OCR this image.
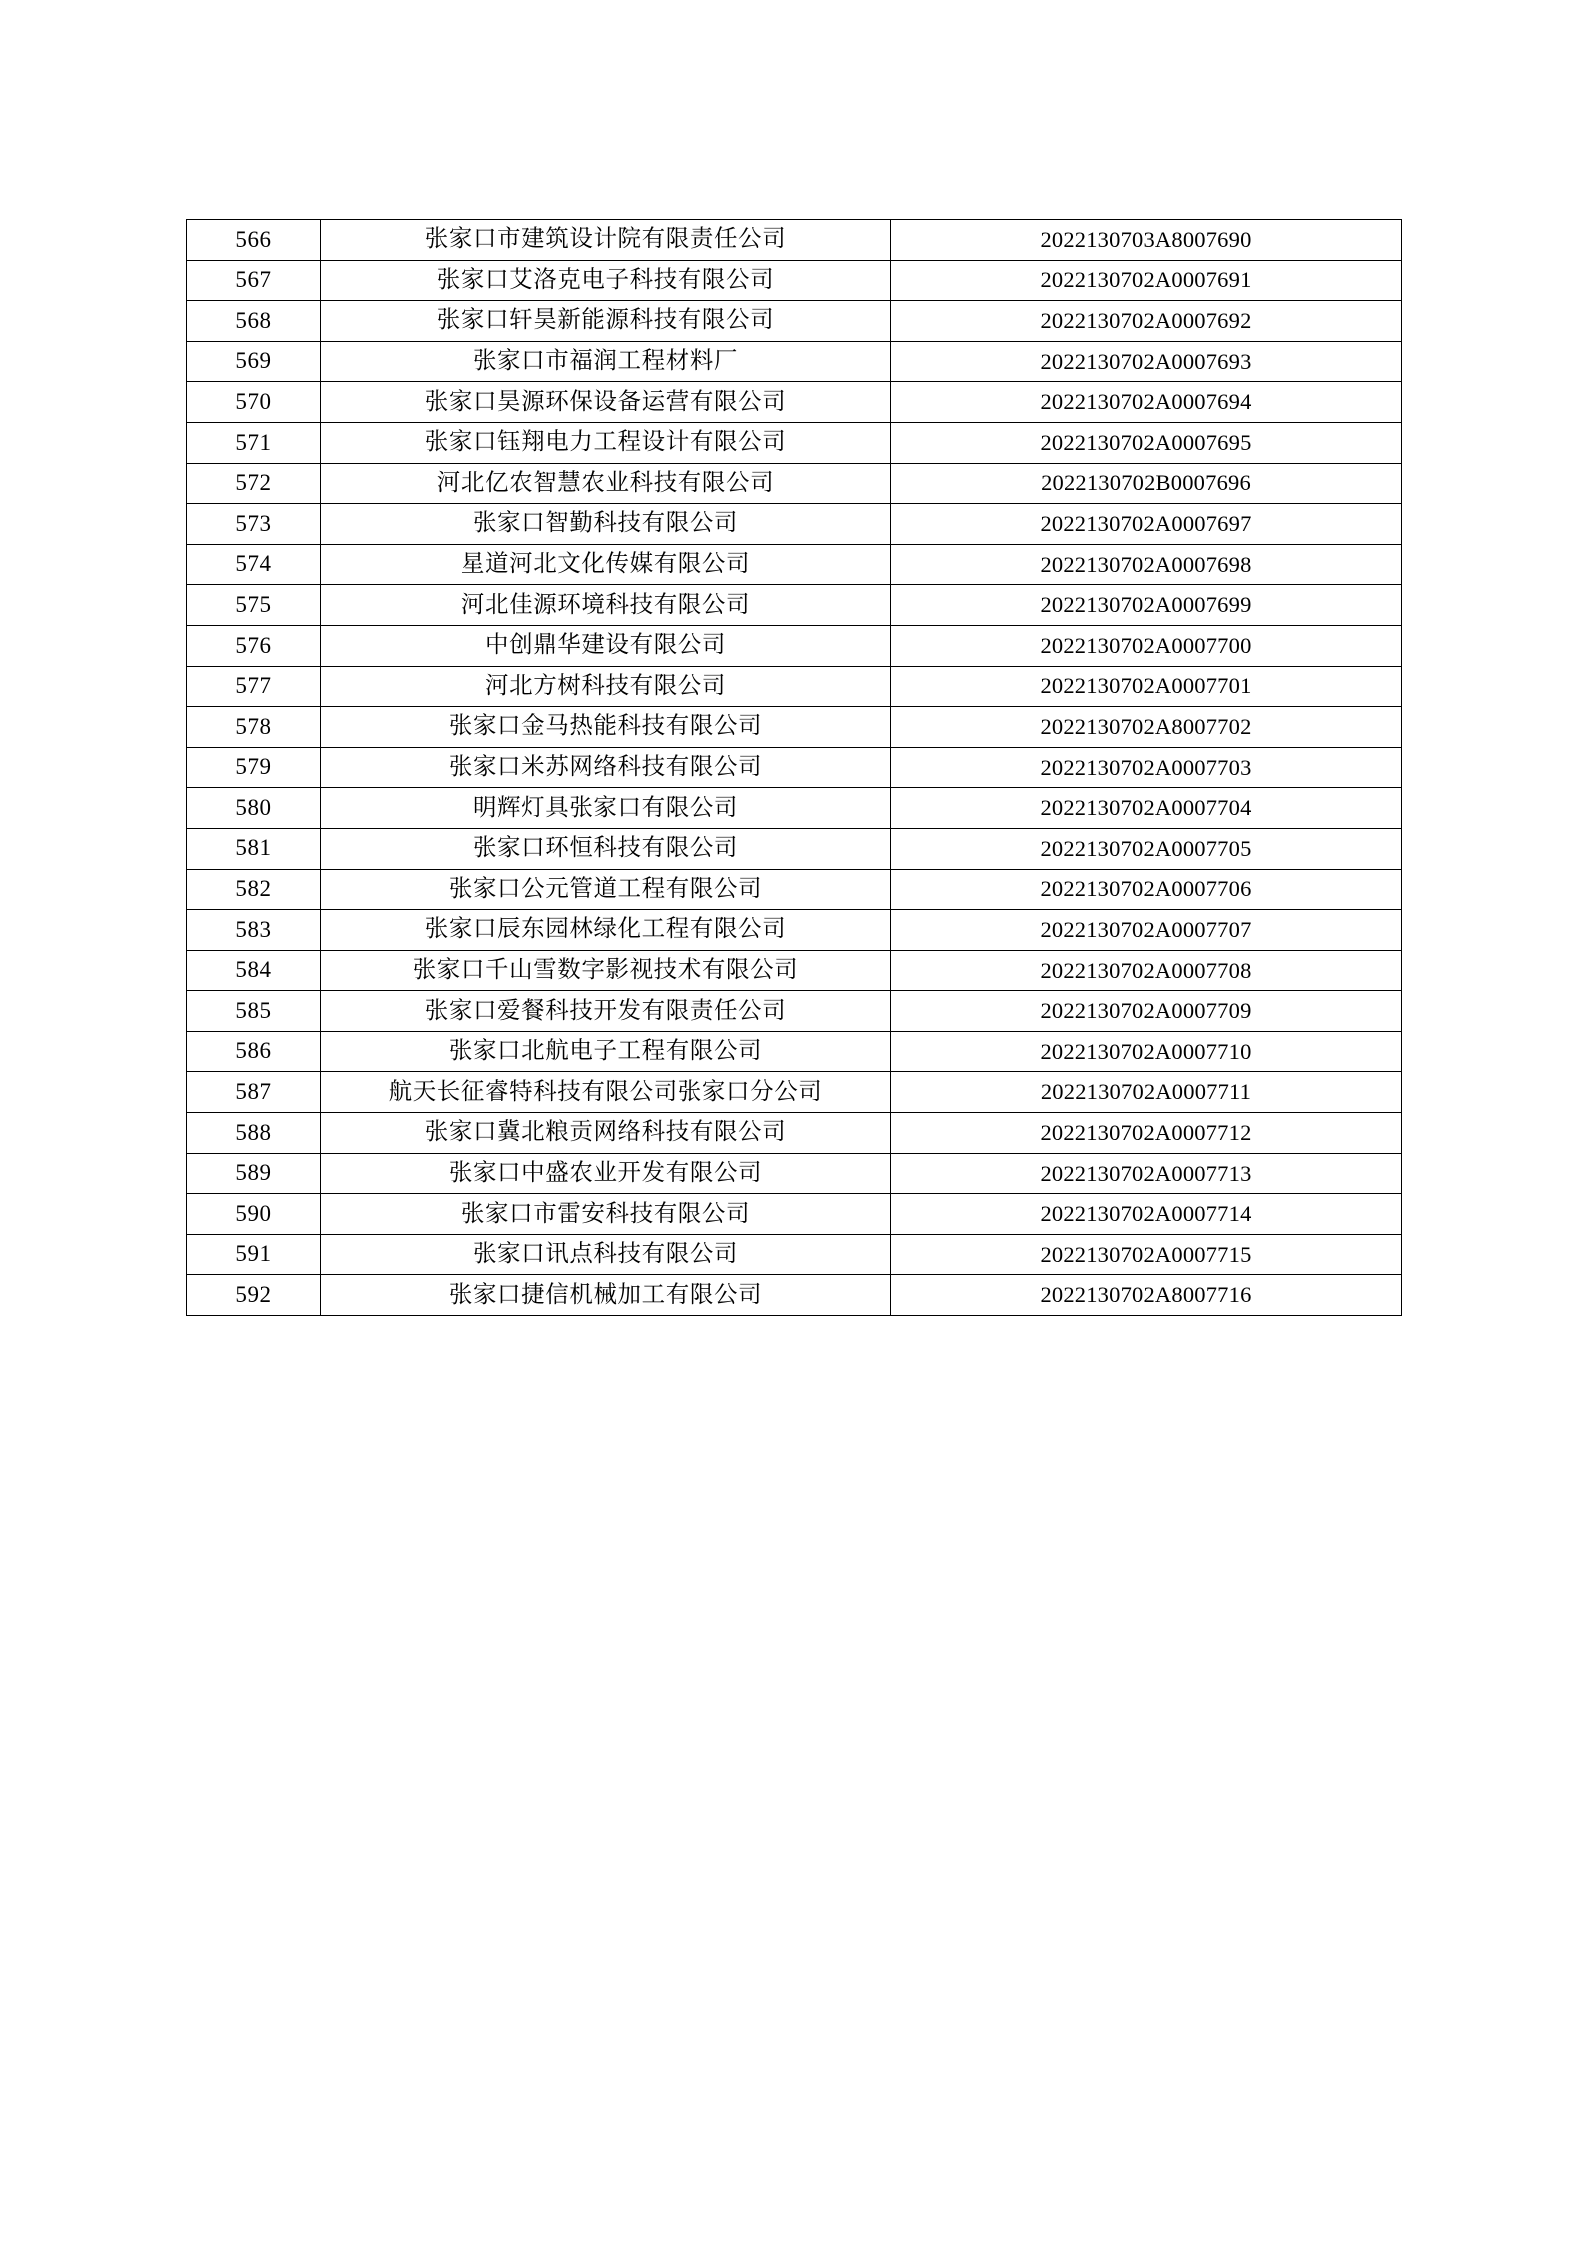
566	张家口市建筑设计院有限责任公司	2022130703A8007690
567	张家口艾洛克电子科技有限公司	2022130702A0007691
568	张家口轩昊新能源科技有限公司	2022130702A0007692
569	张家口市福润工程材料厂	2022130702A0007693
570	张家口昊源环保设备运营有限公司	2022130702A0007694
571	张家口钰翔电力工程设计有限公司	2022130702A0007695
572	河北亿农智慧农业科技有限公司	2022130702B0007696
573	张家口智勤科技有限公司	2022130702A0007697
574	星道河北文化传媒有限公司	2022130702A0007698
575	河北佳源环境科技有限公司	2022130702A0007699
576	中创鼎华建设有限公司	2022130702A0007700
577	河北方树科技有限公司	2022130702A0007701
578	张家口金马热能科技有限公司	2022130702A8007702
579	张家口米苏网络科技有限公司	2022130702A0007703
580	明辉灯具张家口有限公司	2022130702A0007704
581	张家口环恒科技有限公司	2022130702A0007705
582	张家口公元管道工程有限公司	2022130702A0007706
583	张家口辰东园林绿化工程有限公司	2022130702A0007707
584	张家口千山雪数字影视技术有限公司	2022130702A0007708
585	张家口爱餐科技开发有限责任公司	2022130702A0007709
586	张家口北航电子工程有限公司	2022130702A0007710
587	航天长征睿特科技有限公司张家口分公司	2022130702A0007711
588	张家口冀北粮贡网络科技有限公司	2022130702A0007712
589	张家口中盛农业开发有限公司	2022130702A0007713
590	张家口市雷安科技有限公司	2022130702A0007714
591	张家口讯点科技有限公司	2022130702A0007715
592	张家口捷信机械加工有限公司	2022130702A8007716
